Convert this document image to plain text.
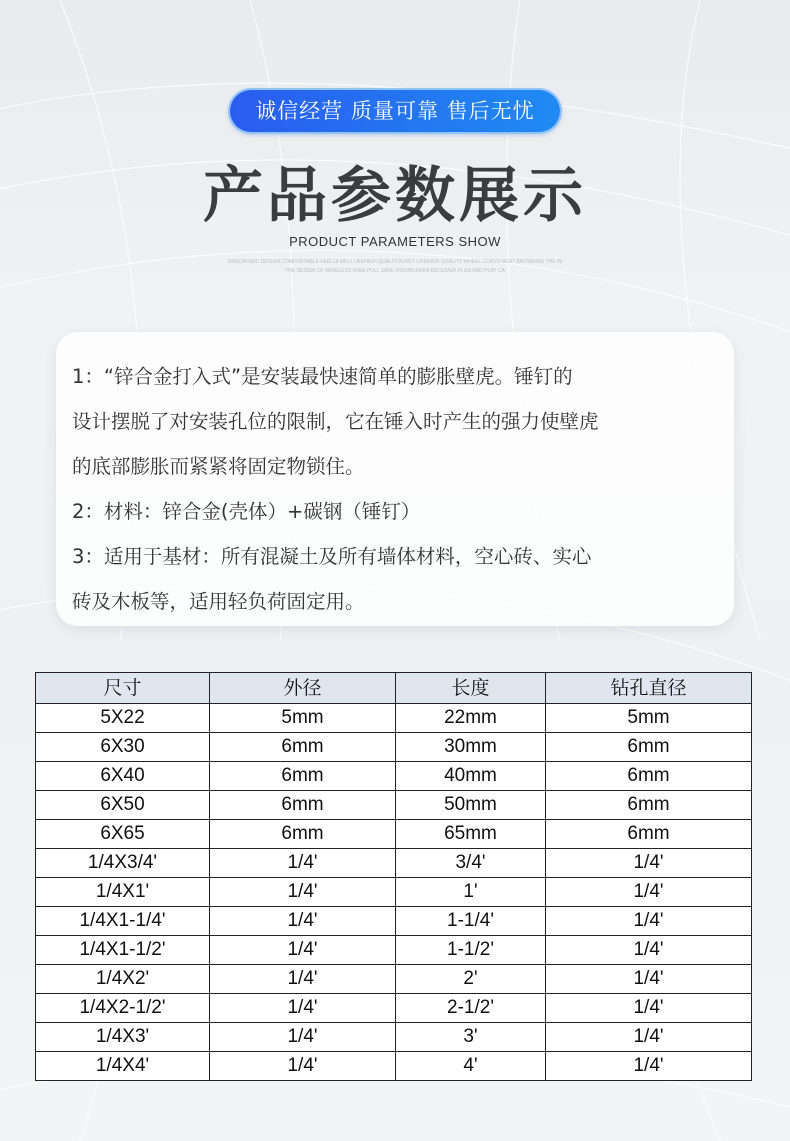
诚信经营 质量可靠 售后无忧
产品参数展示
PRODUCT PARAMETERS SHOW
ERGONOMIC DESIGN COMFORTABLE FEEL18 MILLI LIFEHIGH QUALITON KEY LIFEHIGH QUALITY WHEEL CONVENIENT BROWSING THE IN
THE DESIGN OF WIRELESS WIRE PULL SAVE TROUBLEMINI RECEIVER PLUG AND PLAY CA

1：“锌合金打入式”是安装最快速简单的膨胀壁虎。锤钉的

设计摆脱了对安装孔位的限制，它在锤入时产生的强力使壁虎

的底部膨胀而紧紧将固定物锁住。

2：材料：锌合金(壳体）+碳钢（锤钉）

3：适用于基材：所有混凝土及所有墙体材料，空心砖、实心

砖及木板等，适用轻负荷固定用。

尺寸	外径	长度	钻孔直径
5X22	5mm	22mm	5mm
6X30	6mm	30mm	6mm
6X40	6mm	40mm	6mm
6X50	6mm	50mm	6mm
6X65	6mm	65mm	6mm
1/4X3/4'	1/4'	3/4'	1/4'
1/4X1'	1/4'	1'	1/4'
1/4X1-1/4'	1/4'	1-1/4'	1/4'
1/4X1-1/2'	1/4'	1-1/2'	1/4'
1/4X2'	1/4'	2'	1/4'
1/4X2-1/2'	1/4'	2-1/2'	1/4'
1/4X3'	1/4'	3'	1/4'
1/4X4'	1/4'	4'	1/4'
